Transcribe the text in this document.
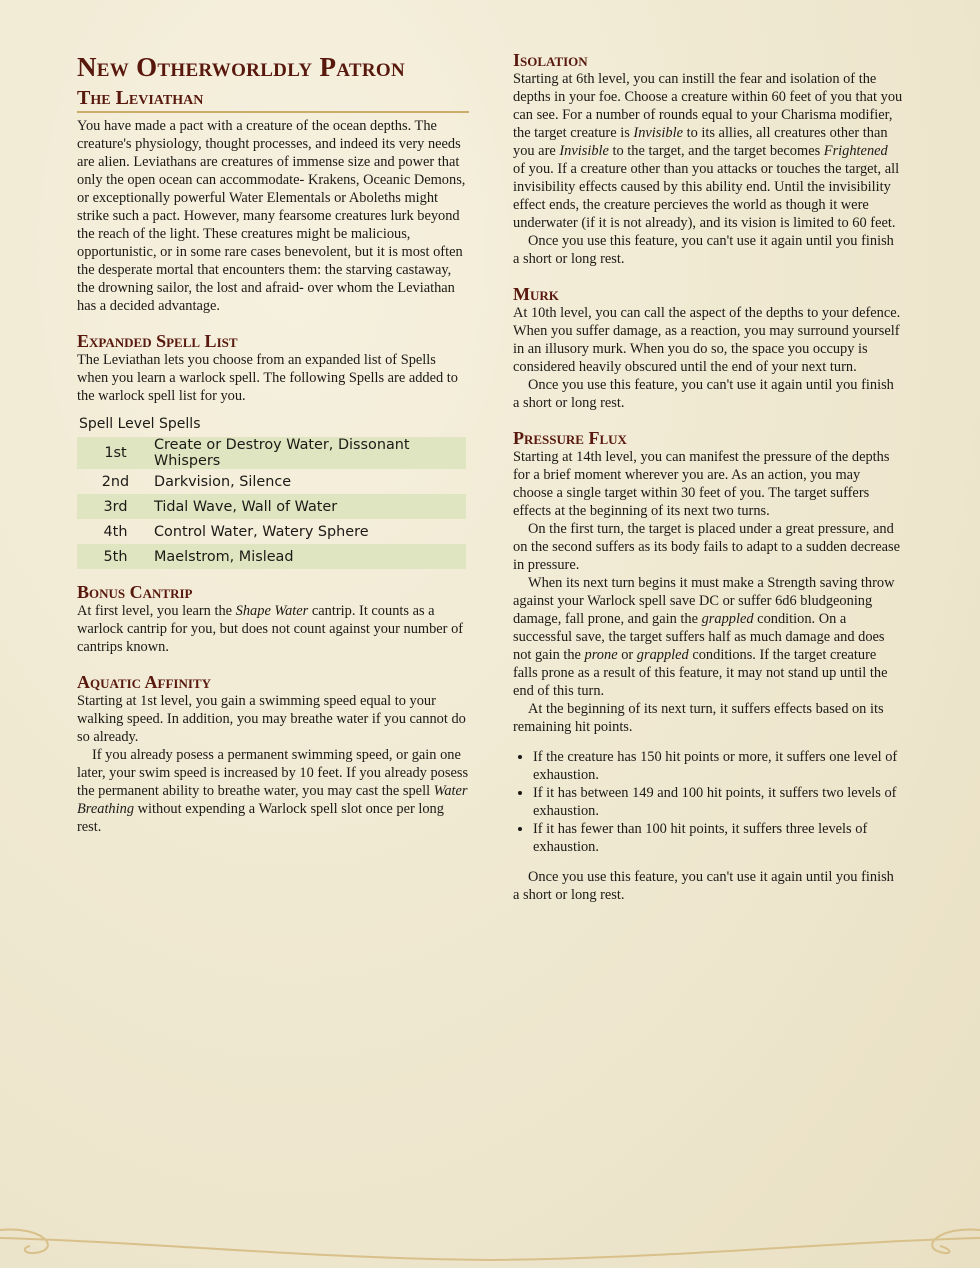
New Otherworldly Patron
The Leviathan

You have made a pact with a creature of the ocean depths. The creature's physiology, thought processes, and indeed its very needs are alien. Leviathans are creatures of immense size and power that only the open ocean can accommodate- Krakens, Oceanic Demons, or exceptionally powerful Water Elementals or Aboleths might strike such a pact. However, many fearsome creatures lurk beyond the reach of the light. These creatures might be malicious, opportunistic, or in some rare cases benevolent, but it is most often the desperate mortal that encounters them: the starving castaway, the drowning sailor, the lost and afraid- over whom the Leviathan has a decided advantage.

Expanded Spell List

The Leviathan lets you choose from an expanded list of Spells when you learn a warlock spell. The following Spells are added to the warlock spell list for you.

Spell Level Spells
1st	Create or Destroy Water, Dissonant Whispers
2nd	Darkvision, Silence
3rd	Tidal Wave, Wall of Water
4th	Control Water, Watery Sphere
5th	Maelstrom, Mislead
Bonus Cantrip

At first level, you learn the Shape Water cantrip. It counts as a warlock cantrip for you, but does not count against your number of cantrips known.

Aquatic Affinity

Starting at 1st level, you gain a swimming speed equal to your walking speed. In addition, you may breathe water if you cannot do so already.

If you already posess a permanent swimming speed, or gain one later, your swim speed is increased by 10 feet. If you already posess the permanent ability to breathe water, you may cast the spell Water Breathing without expending a Warlock spell slot once per long rest.

Isolation

Starting at 6th level, you can instill the fear and isolation of the depths in your foe. Choose a creature within 60 feet of you that you can see. For a number of rounds equal to your Charisma modifier, the target creature is Invisible to its allies, all creatures other than you are Invisible to the target, and the target becomes Frightened of you. If a creature other than you attacks or touches the target, all invisibility effects caused by this ability end. Until the invisibility effect ends, the creature percieves the world as though it were underwater (if it is not already), and its vision is limited to 60 feet.

Once you use this feature, you can't use it again until you finish a short or long rest.

Murk

At 10th level, you can call the aspect of the depths to your defence. When you suffer damage, as a reaction, you may surround yourself in an illusory murk. When you do so, the space you occupy is considered heavily obscured until the end of your next turn.

Once you use this feature, you can't use it again until you finish a short or long rest.

Pressure Flux

Starting at 14th level, you can manifest the pressure of the depths for a brief moment wherever you are. As an action, you may choose a single target within 30 feet of you. The target suffers effects at the beginning of its next two turns.

On the first turn, the target is placed under a great pressure, and on the second suffers as its body fails to adapt to a sudden decrease in pressure.

When its next turn begins it must make a Strength saving throw against your Warlock spell save DC or suffer 6d6 bludgeoning damage, fall prone, and gain the grappled condition. On a successful save, the target suffers half as much damage and does not gain the prone or grappled conditions. If the target creature falls prone as a result of this feature, it may not stand up until the end of this turn.

At the beginning of its next turn, it suffers effects based on its remaining hit points.

• If the creature has 150 hit points or more, it suffers one level of exhaustion.
• If it has between 149 and 100 hit points, it suffers two levels of exhaustion.
• If it has fewer than 100 hit points, it suffers three levels of exhaustion.

Once you use this feature, you can't use it again until you finish a short or long rest.
